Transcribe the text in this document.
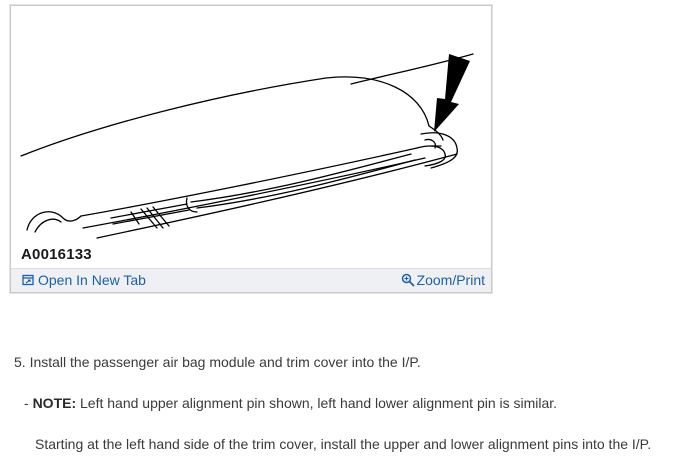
A0016133
Open In New Tab	Zoom/Print
5. Install the passenger air bag module and trim cover into the I/P.
- NOTE: Left hand upper alignment pin shown, left hand lower alignment pin is similar.
Starting at the left hand side of the trim cover, install the upper and lower alignment pins into the I/P.
